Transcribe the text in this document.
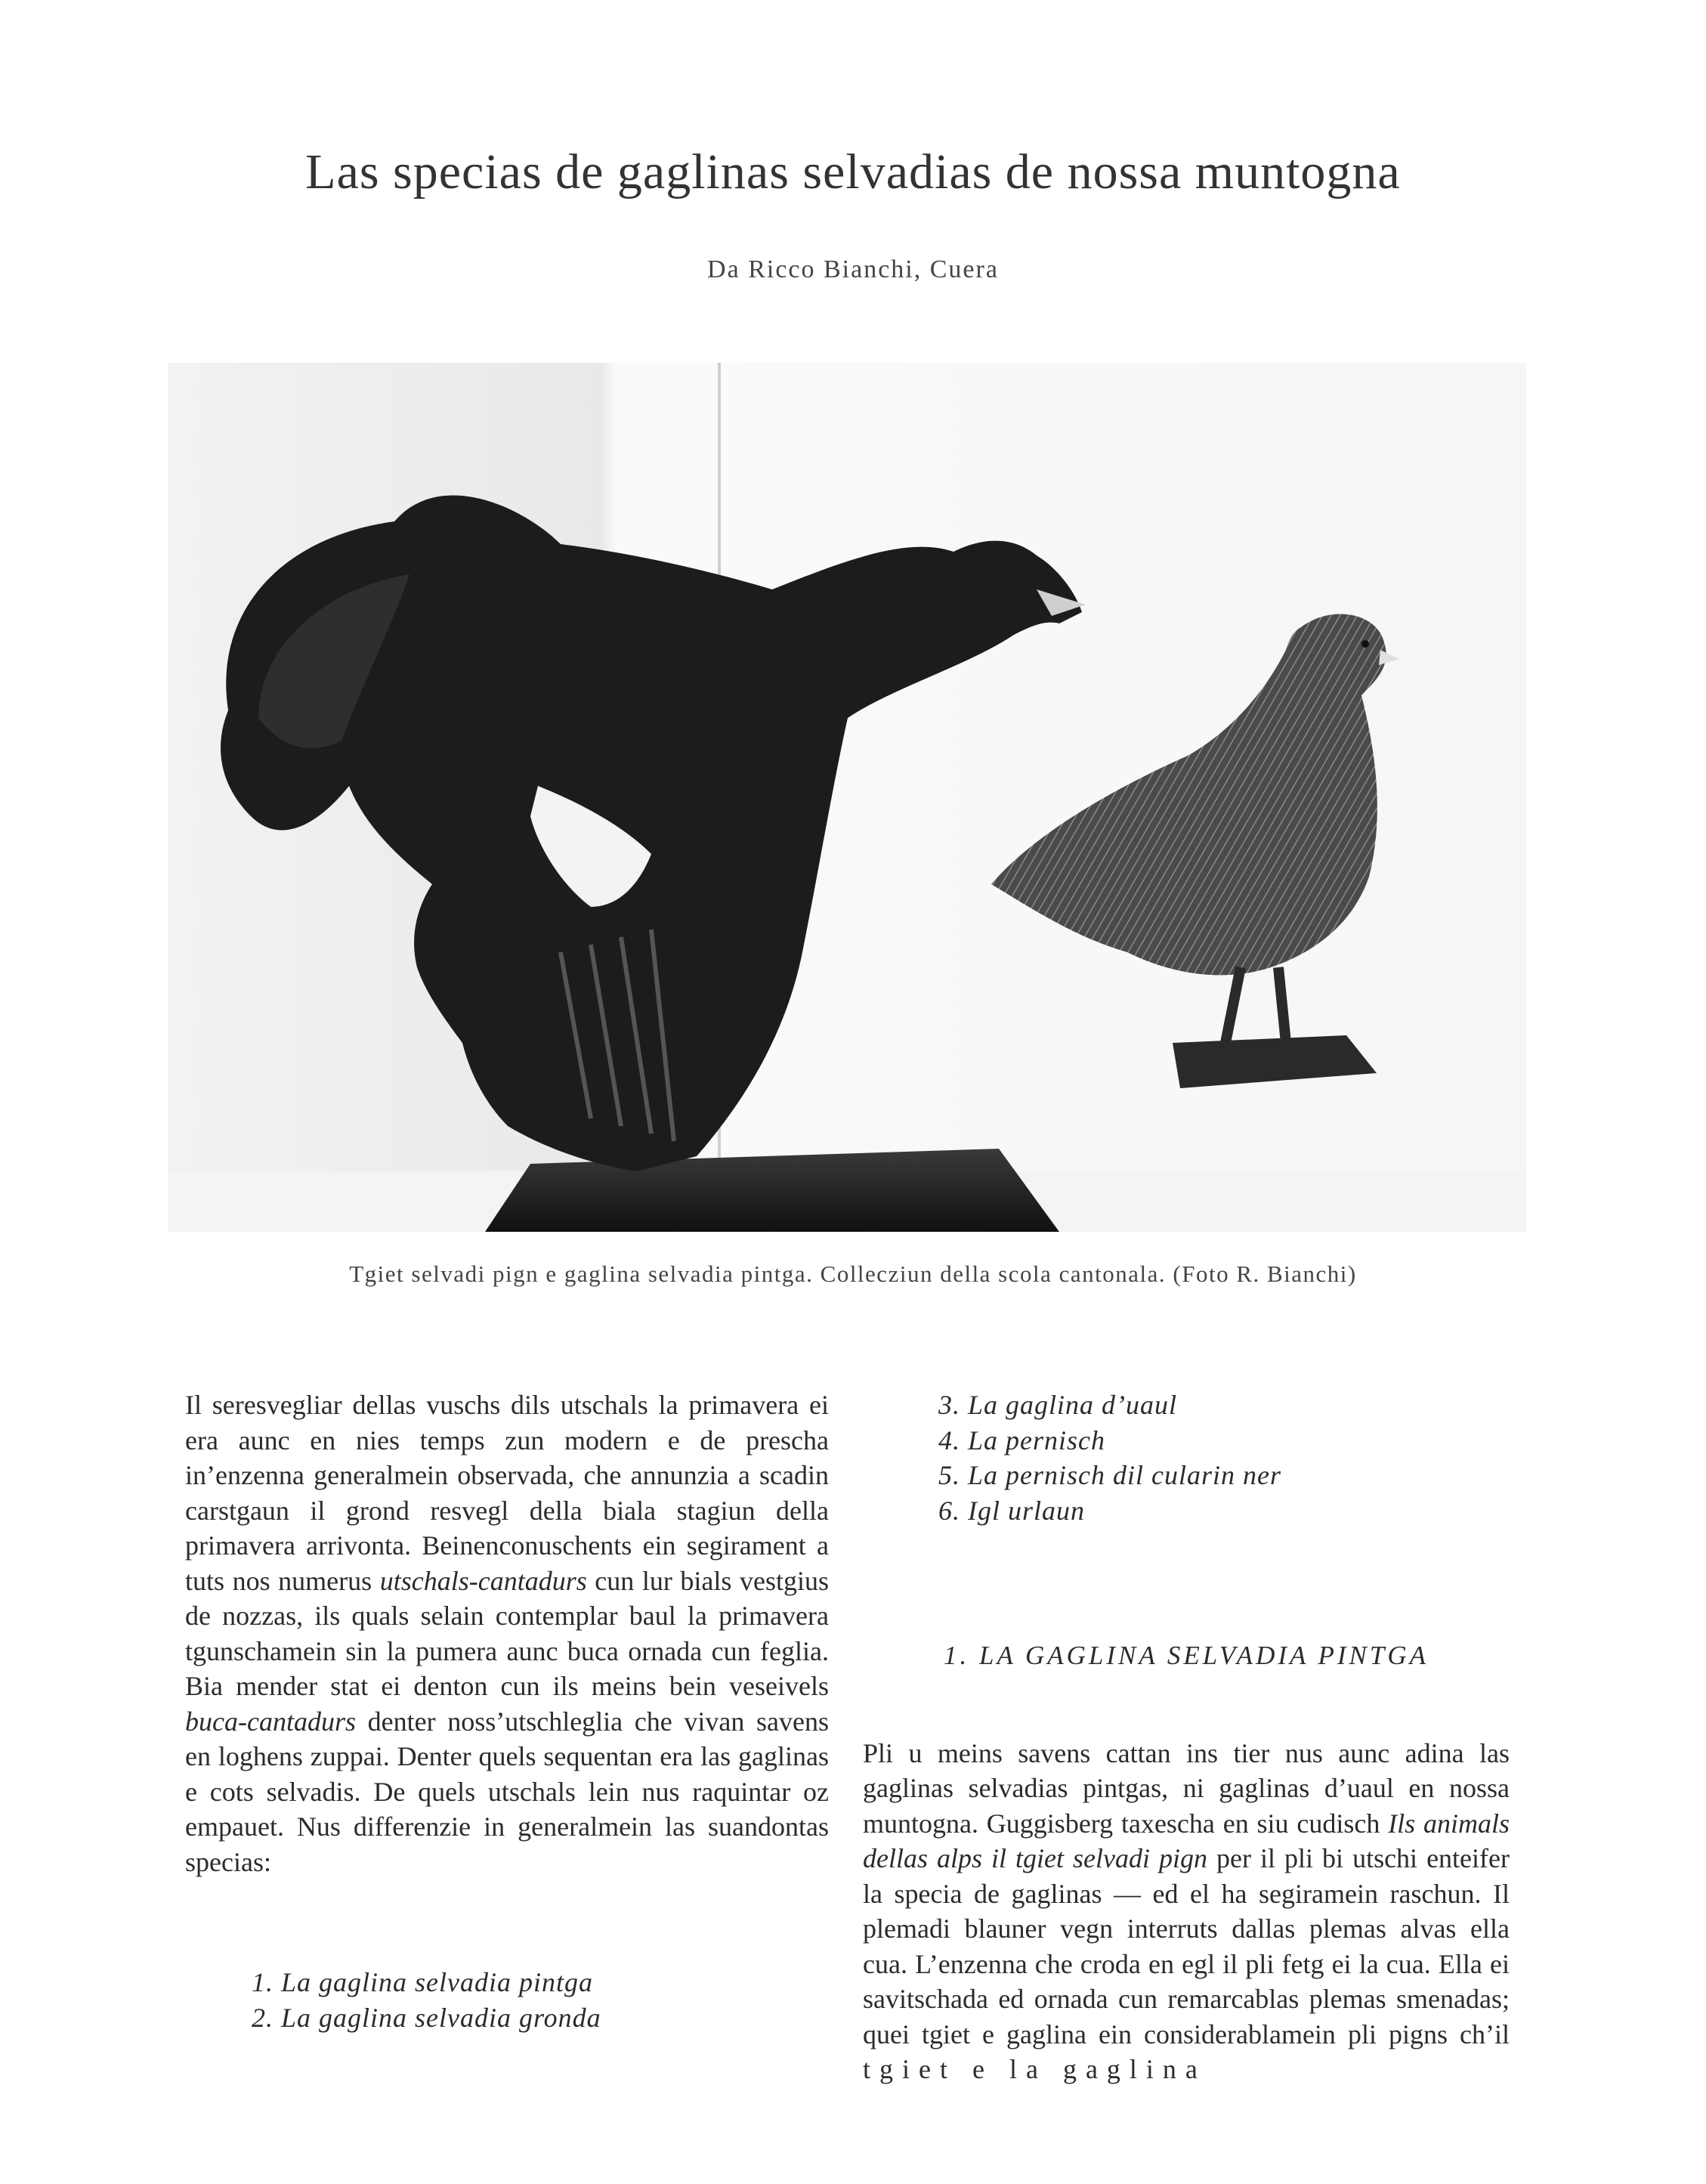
Las specias de gaglinas selvadias de nossa muntogna
Da Ricco Bianchi, Cuera
Tgiet selvadi pign e gaglina selvadia pintga. Collecziun della scola cantonala. (Foto R. Bianchi)

Il seresvegliar dellas vuschs dils utschals la primavera ei era aunc en nies temps zun modern e de prescha in’enzenna generalmein observada, che annunzia a scadin carstgaun il grond resvegl della biala stagiun della primavera arrivonta. Beinenconuschents ein segirament a tuts nos numerus utschals-cantadurs cun lur bials vestgius de nozzas, ils quals selain contemplar baul la primavera tgunschamein sin la pumera aunc buca ornada cun feglia. Bia mender stat ei denton cun ils meins bein veseivels buca-cantadurs denter noss’utschleglia che vivan savens en loghens zuppai. Denter quels sequentan era las gaglinas e cots selvadis. De quels utschals lein nus raquintar oz empauet. Nus differenzie in generalmein las suandontas specias:

1. La gaglina selvadia pintga
2. La gaglina selvadia gronda
3. La gaglina d’uaul
4. La pernisch
5. La pernisch dil cularin ner
6. Igl urlaun
1. LA GAGLINA SELVADIA PINTGA

Pli u meins savens cattan ins tier nus aunc adina las gaglinas selvadias pintgas, ni gaglinas d’uaul en nossa muntogna. Guggisberg taxescha en siu cudisch Ils animals dellas alps il tgiet selvadi pign per il pli bi utschi enteifer la specia de gaglinas — ed el ha segiramein raschun. Il plemadi blauner vegn interruts dallas plemas alvas ella cua. L’enzenna che croda en egl il pli fetg ei la cua. Ella ei savitschada ed ornada cun remarcablas plemas smenadas; quei tgiet e gaglina ein considerablamein pli pigns ch’il tgiet e la gaglina
